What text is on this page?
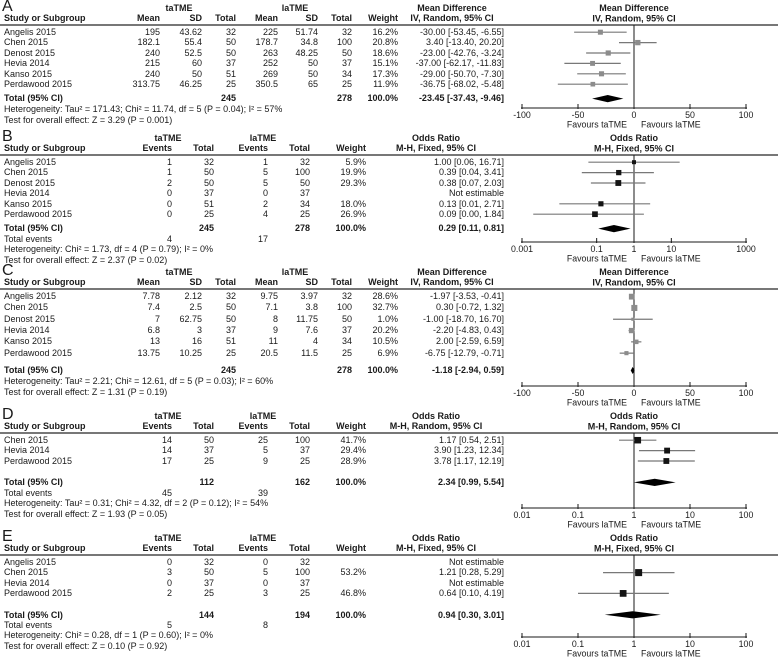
A	taTME	laTME	Mean Difference
Study or Subgroup	Mean	SD	Total	Mean	SD	Total	Weight	IV, Random, 95% CI
Angelis 2015	195	43.62	32	225	51.74	32	16.2%	-30.00 [-53.45, -6.55]
Chen 2015	182.1	55.4	50	178.7	34.8	100	20.8%	3.40 [-13.40, 20.20]
Denost 2015	240	52.5	50	263	48.25	50	18.6%	-23.00 [-42.76, -3.24]
Hevia 2014	215	60	37	252	50	37	15.1%	-37.00 [-62.17, -11.83]
Kanso 2015	240	50	51	269	50	34	17.3%	-29.00 [-50.70, -7.30]
Perdawood 2015	313.75	46.25	25	350.5	65	25	11.9%	-36.75 [-68.02, -5.48]
Total (95% CI)	245	278	100.0%	-23.45 [-37.43, -9.46]
Heterogeneity: Tau² = 171.43; Chi² = 11.74, df = 5 (P = 0.04); I² = 57%
Test for overall effect: Z = 3.29 (P = 0.001)
Mean Difference
IV, Random, 95% CI
-100	-50	0	50	100
Favours taTME Favours laTME
B	taTME	laTME	Odds Ratio
Study or Subgroup	Events	Total	Events	Total	Weight	M-H, Fixed, 95% CI
Angelis 2015	1	32	1	32	5.9%	1.00 [0.06, 16.71]
Chen 2015	1	50	5	100	19.9%	0.39 [0.04, 3.41]
Denost 2015	2	50	5	50	29.3%	0.38 [0.07, 2.03]
Hevia 2014	0	37	0	37	Not estimable
Kanso 2015	0	51	2	34	18.0%	0.13 [0.01, 2.71]
Perdawood 2015	0	25	4	25	26.9%	0.09 [0.00, 1.84]
Total (95% CI)	245	278	100.0%	0.29 [0.11, 0.81]
Total events	4	17
Heterogeneity: Chi² = 1.73, df = 4 (P = 0.79); I² = 0%
Test for overall effect: Z = 2.37 (P = 0.02)
Odds Ratio
M-H, Fixed, 95% CI
0.001	0.1	1	10	1000
Favours taTME Favours laTME
C	taTME	laTME	Mean Difference
Study or Subgroup	Mean	SD	Total	Mean	SD	Total	Weight	IV, Random, 95% CI
Angelis 2015	7.78	2.12	32	9.75	3.97	32	28.6%	-1.97 [-3.53, -0.41]
Chen 2015	7.4	2.5	50	7.1	3.8	100	32.7%	0.30 [-0.72, 1.32]
Denost 2015	7	62.75	50	8	11.75	50	1.0%	-1.00 [-18.70, 16.70]
Hevia 2014	6.8	3	37	9	7.6	37	20.2%	-2.20 [-4.83, 0.43]
Kanso 2015	13	16	51	11	4	34	10.5%	2.00 [-2.59, 6.59]
Perdawood 2015	13.75	10.25	25	20.5	11.5	25	6.9%	-6.75 [-12.79, -0.71]
Total (95% CI)	245	278	100.0%	-1.18 [-2.94, 0.59]
Heterogeneity: Tau² = 2.21; Chi² = 12.61, df = 5 (P = 0.03); I² = 60%
Test for overall effect: Z = 1.31 (P = 0.19)
Mean Difference
IV, Random, 95% CI
-100	-50	0	50	100
Favours taTME Favours laTME
D	taTME	laTME	Odds Ratio
Study or Subgroup	Events	Total	Events	Total	Weight	M-H, Random, 95% CI
Chen 2015	14	50	25	100	41.7%	1.17 [0.54, 2.51]
Hevia 2014	14	37	5	37	29.4%	3.90 [1.23, 12.34]
Perdawood 2015	17	25	9	25	28.9%	3.78 [1.17, 12.19]
Total (95% CI)	112	162	100.0%	2.34 [0.99, 5.54]
Total events	45	39
Heterogeneity: Tau² = 0.31; Chi² = 4.32, df = 2 (P = 0.12); I² = 54%
Test for overall effect: Z = 1.93 (P = 0.05)
Odds Ratio
M-H, Random, 95% CI
0.01	0.1	1	10	100
Favours laTME Favours taTME
E	taTME	laTME	Odds Ratio
Study or Subgroup	Events	Total	Events	Total	Weight	M-H, Fixed, 95% CI
Angelis 2015	0	32	0	32	Not estimable
Chen 2015	3	50	5	100	53.2%	1.21 [0.28, 5.29]
Hevia 2014	0	37	0	37	Not estimable
Perdawood 2015	2	25	3	25	46.8%	0.64 [0.10, 4.19]
Total (95% CI)	144	194	100.0%	0.94 [0.30, 3.01]
Total events	5	8
Heterogeneity: Chi² = 0.28, df = 1 (P = 0.60); I² = 0%
Test for overall effect: Z = 0.10 (P = 0.92)
Odds Ratio
M-H, Fixed, 95% CI
0.01	0.1	1	10	100
Favours taTME Favours laTME
